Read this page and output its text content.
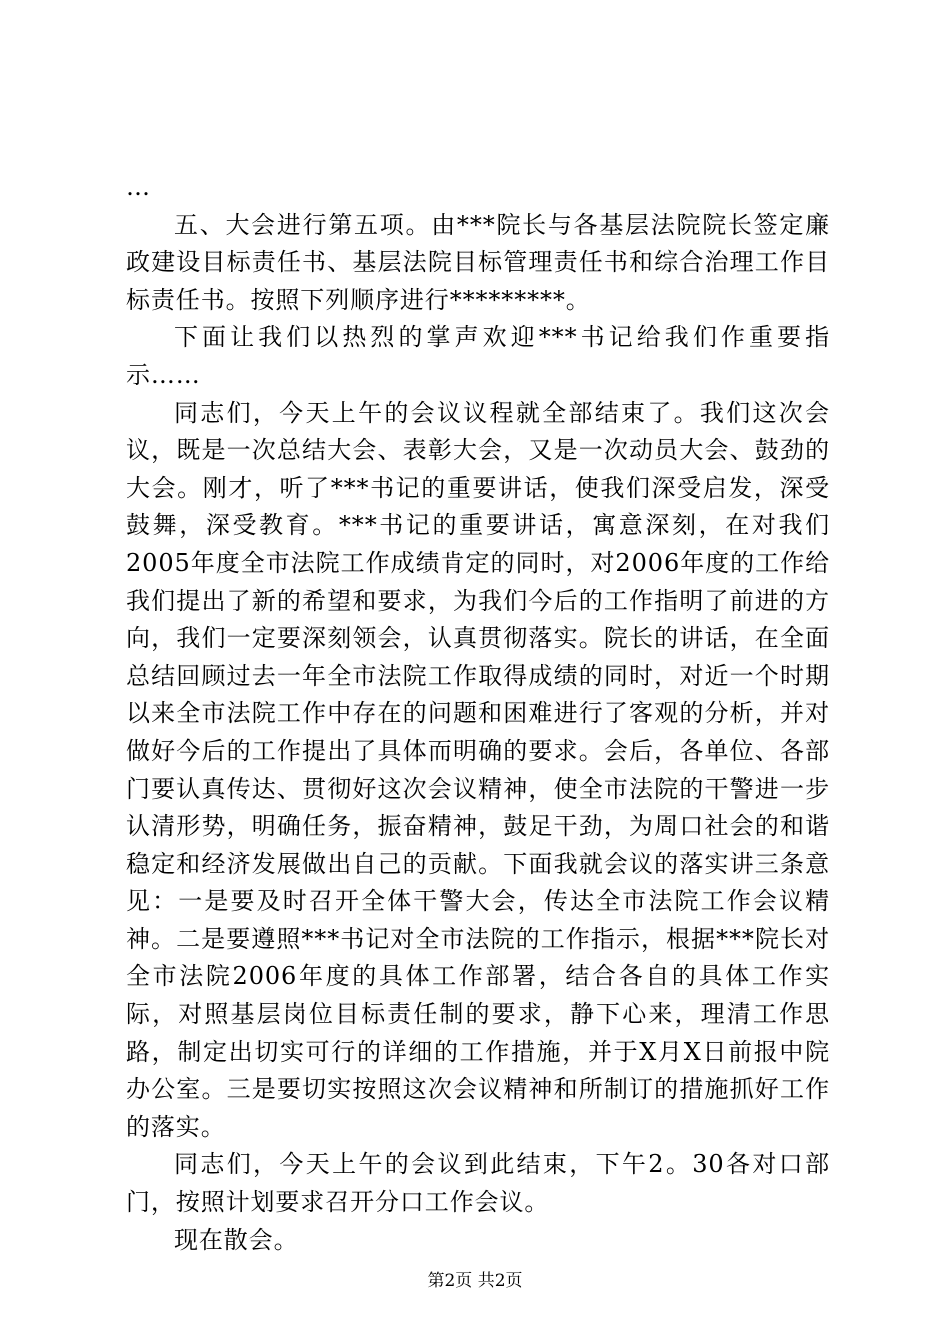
…

五、大会进行第五项。由***院长与各基层法院院长签定廉政建设目标责任书、基层法院目标管理责任书和综合治理工作目标责任书。按照下列顺序进行*********。

下面让我们以热烈的掌声欢迎***书记给我们作重要指示……

同志们，今天上午的会议议程就全部结束了。我们这次会议，既是一次总结大会、表彰大会，又是一次动员大会、鼓劲的大会。刚才，听了***书记的重要讲话，使我们深受启发，深受鼓舞，深受教育。***书记的重要讲话，寓意深刻，在对我们2005年度全市法院工作成绩肯定的同时，对2006年度的工作给我们提出了新的希望和要求，为我们今后的工作指明了前进的方向，我们一定要深刻领会，认真贯彻落实。院长的讲话，在全面总结回顾过去一年全市法院工作取得成绩的同时，对近一个时期以来全市法院工作中存在的问题和困难进行了客观的分析，并对做好今后的工作提出了具体而明确的要求。会后，各单位、各部门要认真传达、贯彻好这次会议精神，使全市法院的干警进一步认清形势，明确任务，振奋精神，鼓足干劲，为周口社会的和谐稳定和经济发展做出自己的贡献。下面我就会议的落实讲三条意见：一是要及时召开全体干警大会，传达全市法院工作会议精神。二是要遵照***书记对全市法院的工作指示，根据***院长对全市法院2006年度的具体工作部署，结合各自的具体工作实际，对照基层岗位目标责任制的要求，静下心来，理清工作思路，制定出切实可行的详细的工作措施，并于X月X日前报中院办公室。三是要切实按照这次会议精神和所制订的措施抓好工作的落实。

同志们，今天上午的会议到此结束，下午2。30各对口部门，按照计划要求召开分口工作会议。

现在散会。

第2页 共2页
